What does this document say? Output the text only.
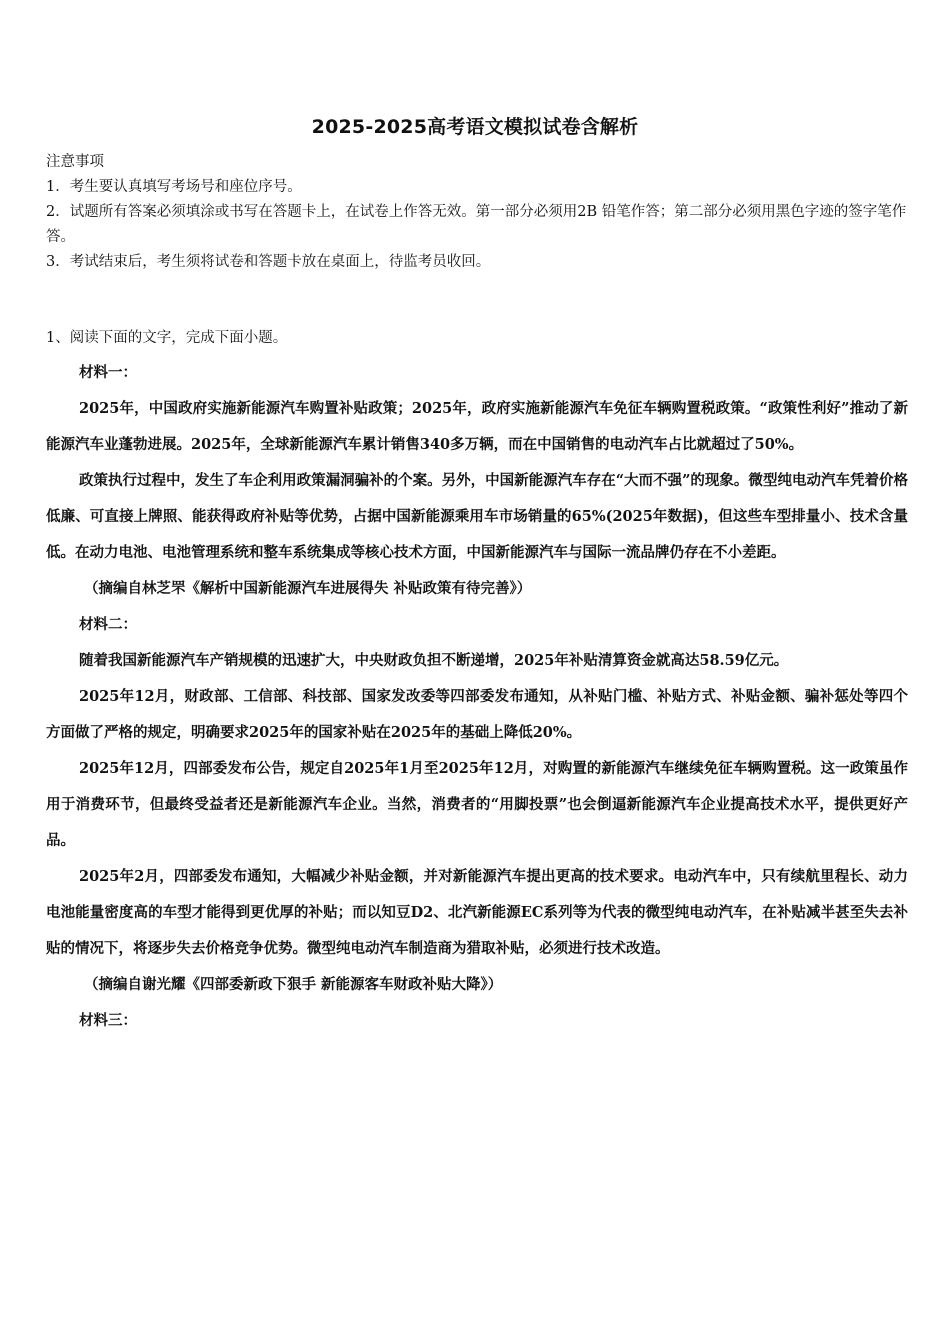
2025-2025高考语文模拟试卷含解析

注意事项

1．考生要认真填写考场号和座位序号。

2．试题所有答案必须填涂或书写在答题卡上，在试卷上作答无效。第一部分必须用2B 铅笔作答；第二部分必须用黑色字迹的签字笔作答。

3．考试结束后，考生须将试卷和答题卡放在桌面上，待监考员收回。

1、阅读下面的文字，完成下面小题。

材料一：

2025年，中国政府实施新能源汽车购置补贴政策；2025年，政府实施新能源汽车免征车辆购置税政策。“政策性利好”推动了新能源汽车业蓬勃进展。2025年，全球新能源汽车累计销售340多万辆，而在中国销售的电动汽车占比就超过了50%。

政策执行过程中，发生了车企利用政策漏洞骗补的个案。另外，中国新能源汽车存在“大而不强”的现象。微型纯电动汽车凭着价格低廉、可直接上牌照、能获得政府补贴等优势，占据中国新能源乘用车市场销量的65%(2025年数据)，但这些车型排量小、技术含量低。在动力电池、电池管理系统和整车系统集成等核心技术方面，中国新能源汽车与国际一流品牌仍存在不小差距。

（摘编自林芝罘《解析中国新能源汽车进展得失 补贴政策有待完善》）

材料二：

随着我国新能源汽车产销规模的迅速扩大，中央财政负担不断递增，2025年补贴清算资金就高达58.59亿元。

2025年12月，财政部、工信部、科技部、国家发改委等四部委发布通知，从补贴门槛、补贴方式、补贴金额、骗补惩处等四个方面做了严格的规定，明确要求2025年的国家补贴在2025年的基础上降低20%。

2025年12月，四部委发布公告，规定自2025年1月至2025年12月，对购置的新能源汽车继续免征车辆购置税。这一政策虽作用于消费环节，但最终受益者还是新能源汽车企业。当然，消费者的“用脚投票”也会倒逼新能源汽车企业提高技术水平，提供更好产品。

2025年2月，四部委发布通知，大幅减少补贴金额，并对新能源汽车提出更高的技术要求。电动汽车中，只有续航里程长、动力电池能量密度高的车型才能得到更优厚的补贴；而以知豆D2、北汽新能源EC系列等为代表的微型纯电动汽车，在补贴减半甚至失去补贴的情况下，将逐步失去价格竞争优势。微型纯电动汽车制造商为猎取补贴，必须进行技术改造。

（摘编自谢光耀《四部委新政下狠手 新能源客车财政补贴大降》）

材料三：
